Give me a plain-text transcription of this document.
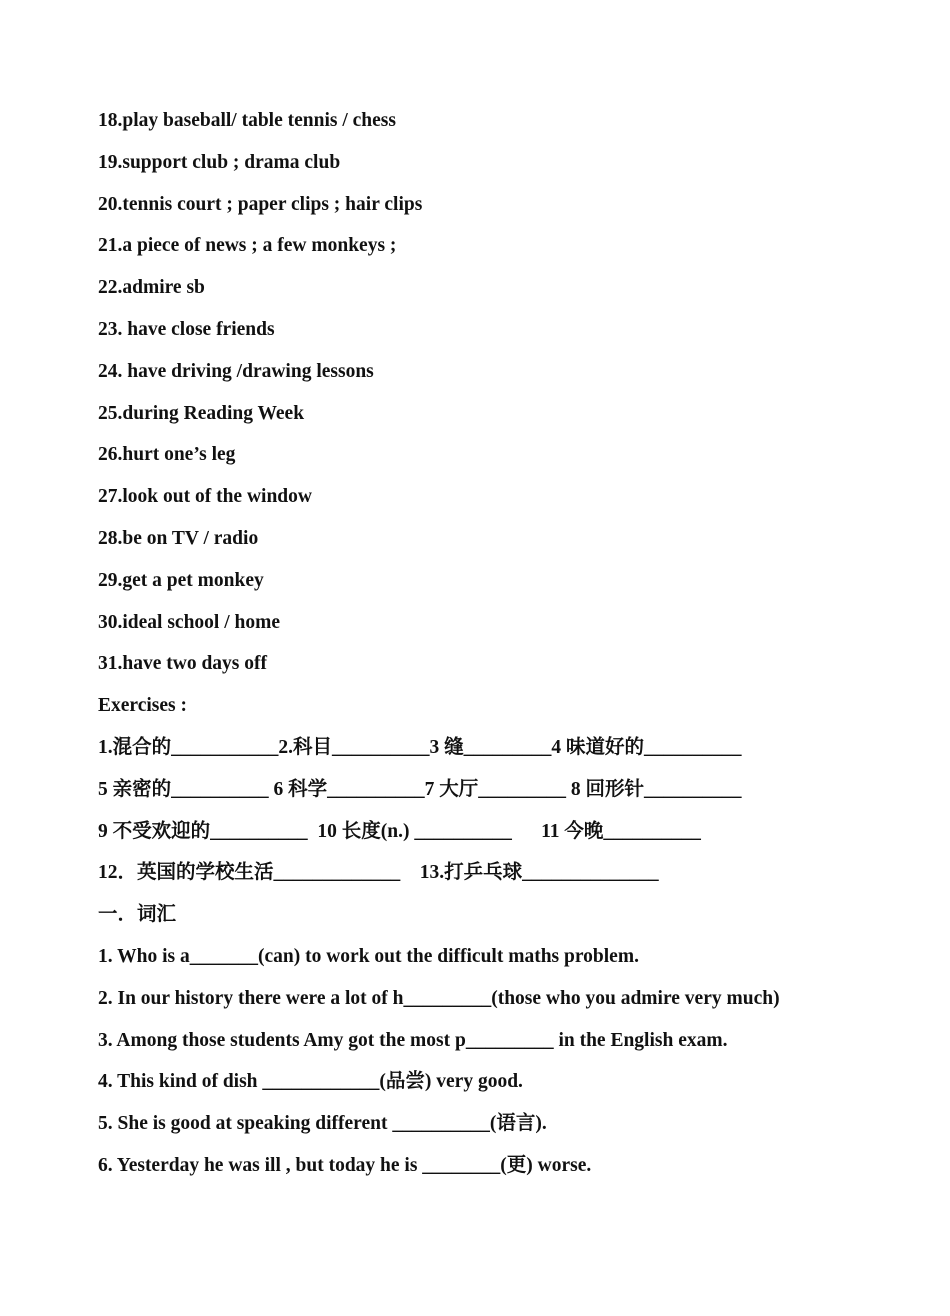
18.play baseball/ table tennis / chess

19.support club ; drama club

20.tennis court ; paper clips ; hair clips

21.a piece of news ; a few monkeys ;

22.admire sb

23. have close friends

24. have driving /drawing lessons

25.during Reading Week

26.hurt one’s leg

27.look out of the window

28.be on TV / radio

29.get a pet monkey

30.ideal school / home

31.have two days off

Exercises :

1.混合的___________2.科目__________3 缝_________4 味道好的__________

5 亲密的__________ 6 科学__________7 大厅_________ 8 回形针__________

9 不受欢迎的__________  10 长度(n.) __________      11 今晚__________

12．英国的学校生活_____________    13.打乒乓球______________

一．词汇

1. Who is a_______(can) to work out the difficult maths problem.

2. In our history there were a lot of h_________(those who you admire very much)

3. Among those students Amy got the most p_________ in the English exam.

4. This kind of dish ____________(品尝) very good.

5. She is good at speaking different __________(语言).

6. Yesterday he was ill , but today he is ________(更) worse.
